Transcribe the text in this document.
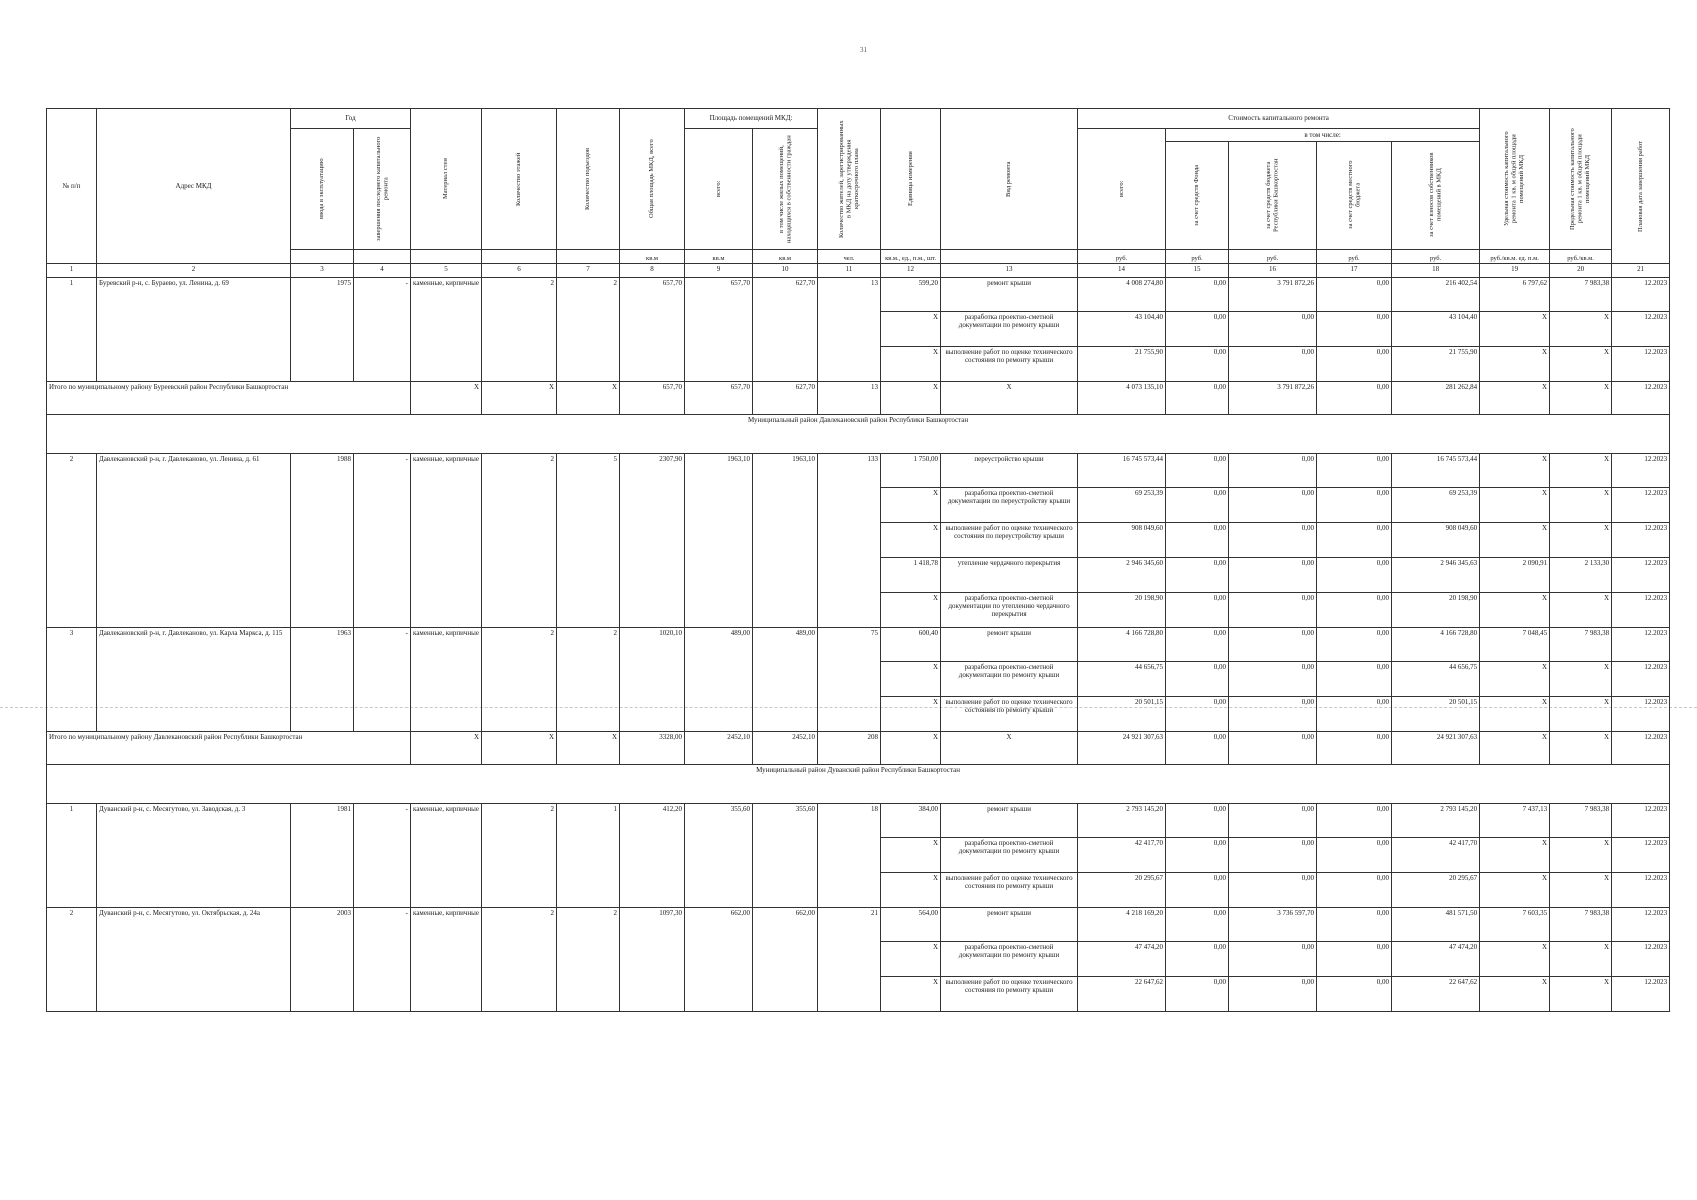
31
№ п/п	Адрес МКД	Год		Материал стен	Количество этажей	Количество подъездов	Общая площадь МКД, всего	Площадь помещений МКД:		Количество жителей, зарегистрированных в МКД на дату утверждения краткосрочного плана	Единица измерения	Вид ремонта	Стоимость капитального ремонта					Удельная стоимость капитального ремонта 1 кв. м общей площади помещений МКД	Предельная стоимость капитального ремонта 1 кв. м общей площади помещений МКД	Плановая дата завершения работ

		ввода в эксплуатацию	завершения последнего капитального ремонта					всего:	в том числе жилых помещений, находящихся в собственности граждан				всего:	в том числе:						

														за счет средств Фонда	за счет средств бюджета Республики Башкортостан	за счет средств местного бюджета	за счет взносов собственников помещений в МКД			

							кв.м	кв.м	кв.м	чел.	кв.м., ед., п.м., шт.		руб.	руб.	руб.	руб.	руб.	руб./кв.м. ед. п.м.	руб./кв.м.	
1	2	3	4	5	6	7	8	9	10	11	12	13	14	15	16	17	18	19	20	21
1	Буревский р-н, с. Бураево, ул. Ленина, д. 69	1975	-	каменные, кирпичные	2	2	657,70	657,70	627,70	13	599,20	ремонт крыши	4 008 274,80	0,00	3 791 872,26	0,00	216 402,54	6 797,62	7 983,38	12.2023
											X	разработка проектно-сметной документации по ремонту крыши	43 104,40	0,00	0,00	0,00	43 104,40	X	X	12.2023
											X	выполнение работ по оценке технического состояния по ремонту крыши	21 755,90	0,00	0,00	0,00	21 755,90	X	X	12.2023
Итого по муниципальному району Буреевский район Республики Башкортостан				X	X	X	657,70	657,70	627,70	13	X	X	4 073 135,10	0,00	3 791 872,26	0,00	281 262,84	X	X	12.2023
Муниципальный район Давлекановский район Республики Башкортостан																				
2	Давлекановский р-н, г. Давлеканово, ул. Ленина, д. 61	1988	-	каменные, кирпичные	2	5	2307,90	1963,10	1963,10	133	1 750,00	переустройство крыши	16 745 573,44	0,00	0,00	0,00	16 745 573,44	X	X	12.2023
											X	разработка проектно-сметной документации по переустройству крыши	69 253,39	0,00	0,00	0,00	69 253,39	X	X	12.2023
											X	выполнение работ по оценке технического состояния по переустройству крыши	908 049,60	0,00	0,00	0,00	908 049,60	X	X	12.2023
											1 418,78	утепление чердачного перекрытия	2 946 345,60	0,00	0,00	0,00	2 946 345,63	2 090,91	2 133,30	12.2023
											X	разработка проектно-сметной документации по утеплению чердачного перекрытия	20 198,90	0,00	0,00	0,00	20 198,90	X	X	12.2023
3	Давлекановский р-н, г. Давлеканово, ул. Карла Маркса, д. 115	1963	-	каменные, кирпичные	2	2	1020,10	489,00	489,00	75	600,40	ремонт крыши	4 166 728,80	0,00	0,00	0,00	4 166 728,80	7 048,45	7 983,38	12.2023
											X	разработка проектно-сметной документации по ремонту крыши	44 656,75	0,00	0,00	0,00	44 656,75	X	X	12.2023
											X	выполнение работ по оценке технического состояния по ремонту крыши	20 501,15	0,00	0,00	0,00	20 501,15	X	X	12.2023
Итого по муниципальному району Давлекановский район Республики Башкортостан				X	X	X	3328,00	2452,10	2452,10	208	X	X	24 921 307,63	0,00	0,00	0,00	24 921 307,63	X	X	12.2023
Муниципальный район Дуванский район Республики Башкортостан																				
1	Дуванский р-н, с. Месягутово, ул. Заводская, д. 3	1981	-	каменные, кирпичные	2	1	412,20	355,60	355,60	18	384,00	ремонт крыши	2 793 145,20	0,00	0,00	0,00	2 793 145,20	7 437,13	7 983,38	12.2023
											X	разработка проектно-сметной документации по ремонту крыши	42 417,70	0,00	0,00	0,00	42 417,70	X	X	12.2023
											X	выполнение работ по оценке технического состояния по ремонту крыши	20 295,67	0,00	0,00	0,00	20 295,67	X	X	12.2023
2	Дуванский р-н, с. Месягутово, ул. Октябрьская, д. 24а	2003	-	каменные, кирпичные	2	2	1097,30	662,00	662,00	21	564,00	ремонт крыши	4 218 169,20	0,00	3 736 597,70	0,00	481 571,50	7 603,35	7 983,38	12.2023
											X	разработка проектно-сметной документации по ремонту крыши	47 474,20	0,00	0,00	0,00	47 474,20	X	X	12.2023
											X	выполнение работ по оценке технического состояния по ремонту крыши	22 647,62	0,00	0,00	0,00	22 647,62	X	X	12.2023
